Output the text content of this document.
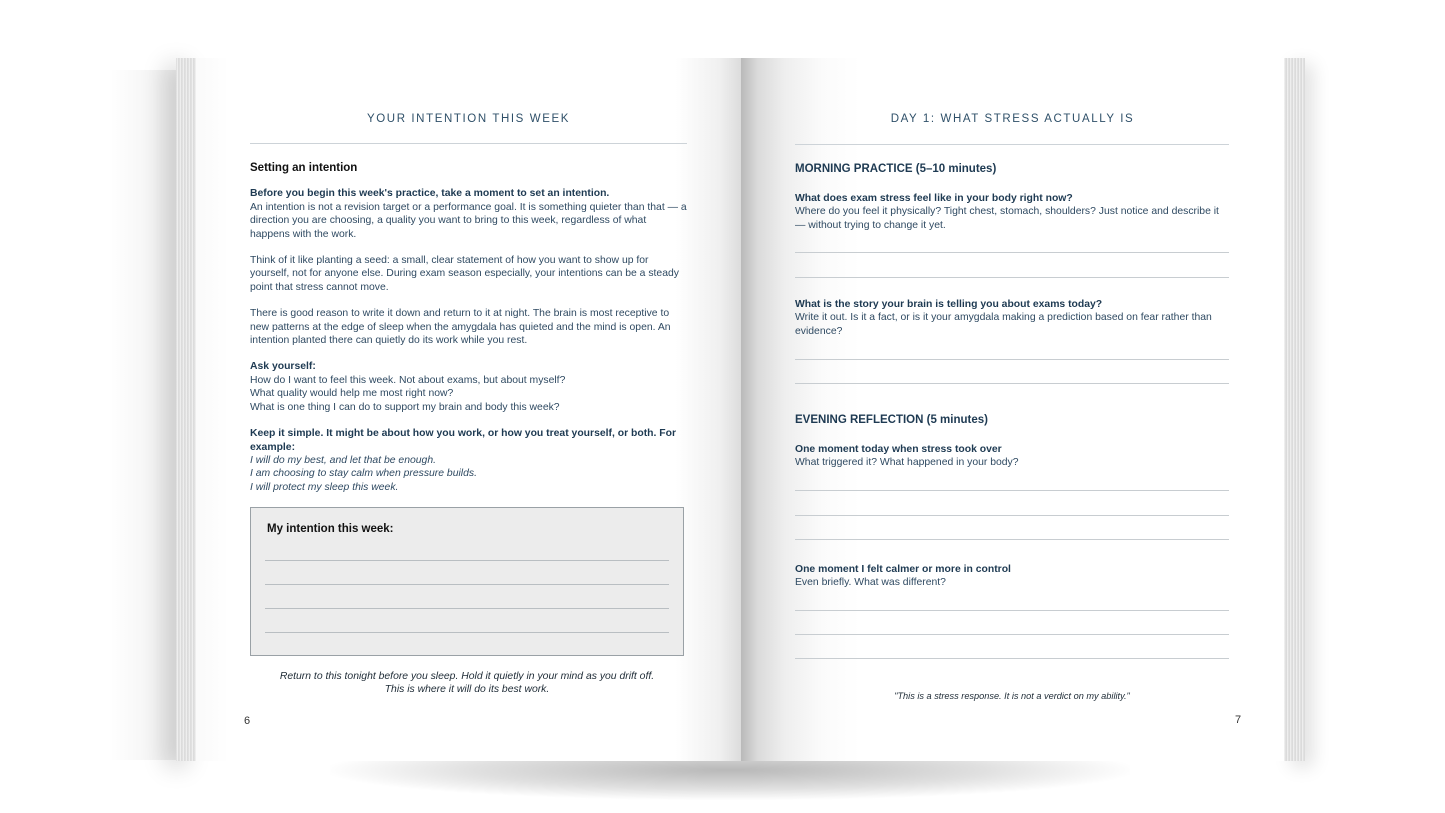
YOUR INTENTION THIS WEEK

Setting an intention

Before you begin this week's practice, take a moment to set an intention.

An intention is not a revision target or a performance goal. It is something quieter than that — a direction you are choosing, a quality you want to bring to this week, regardless of what happens with the work.

Think of it like planting a seed: a small, clear statement of how you want to show up for yourself, not for anyone else. During exam season especially, your intentions can be a steady point that stress cannot move.

There is good reason to write it down and return to it at night. The brain is most receptive to new patterns at the edge of sleep when the amygdala has quieted and the mind is open. An intention planted there can quietly do its work while you rest.

Ask yourself:

How do I want to feel this week. Not about exams, but about myself?

What quality would help me most right now?

What is one thing I can do to support my brain and body this week?

Keep it simple. It might be about how you work, or how you treat yourself, or both. For example:

I will do my best, and let that be enough.

I am choosing to stay calm when pressure builds.

I will protect my sleep this week.

My intention this week:
Return to this tonight before you sleep. Hold it quietly in your mind as you drift off.
This is where it will do its best work.
6
DAY 1: WHAT STRESS ACTUALLY IS
MORNING PRACTICE (5–10 minutes)

What does exam stress feel like in your body right now?

Where do you feel it physically? Tight chest, stomach, shoulders? Just notice and describe it — without trying to change it yet.

What is the story your brain is telling you about exams today?

Write it out. Is it a fact, or is it your amygdala making a prediction based on fear rather than evidence?

EVENING REFLECTION (5 minutes)

One moment today when stress took over

What triggered it? What happened in your body?

One moment I felt calmer or more in control

Even briefly. What was different?

"This is a stress response. It is not a verdict on my ability."
7
